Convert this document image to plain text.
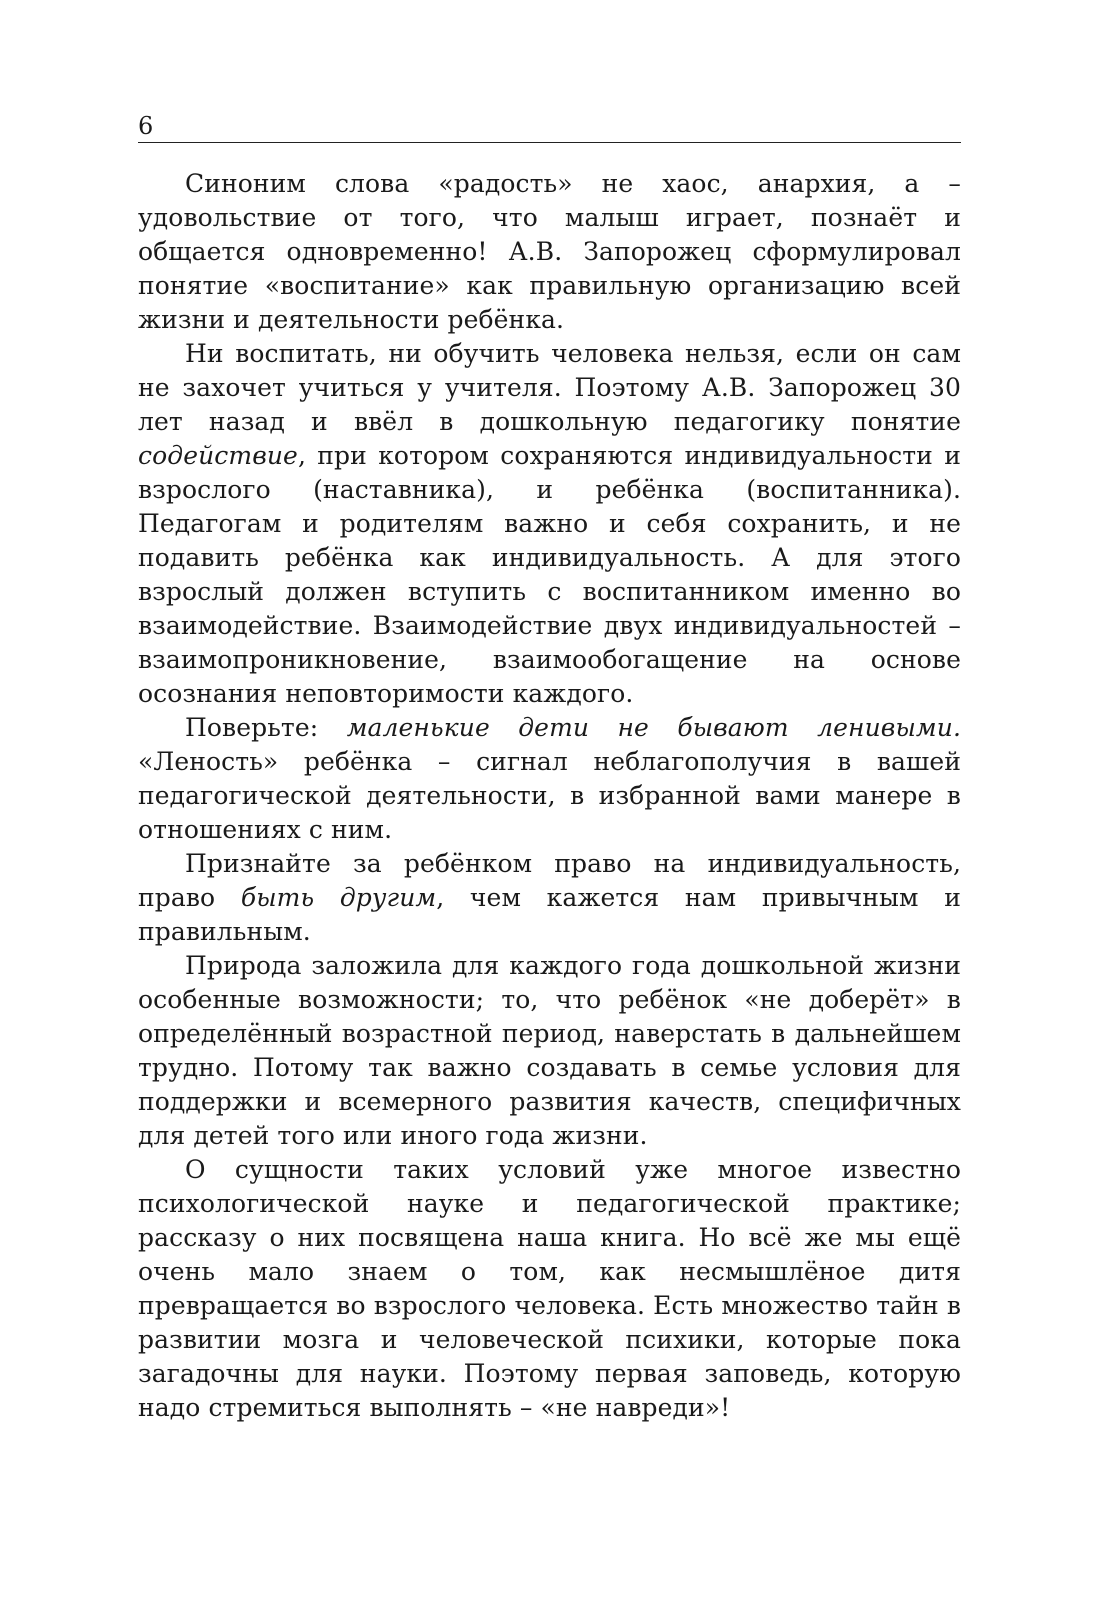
6

Синоним слова «радость» не хаос, анархия, а – удовольствие от того, что малыш играет, познаёт и общается одновременно! А.В. Запорожец сформулировал понятие «воспитание» как правильную организацию всей жизни и деятельности ребёнка.

Ни воспитать, ни обучить человека нельзя, если он сам не захочет учиться у учителя. Поэтому А.В. Запорожец 30 лет назад и ввёл в дошкольную педагогику понятие содействие, при котором сохраняются индивидуальности и взрослого (наставника), и ребёнка (воспитанника). Педагогам и родителям важно и себя сохранить, и не подавить ребёнка как индивидуальность. А для этого взрослый должен вступить с воспитанником именно во взаимодействие. Взаимодействие двух индивидуальностей – взаимопроникновение, взаимообогащение на основе осознания неповторимости каждого.

Поверьте: маленькие дети не бывают ленивыми. «Леность» ребёнка – сигнал неблагополучия в вашей педагогической деятельности, в избранной вами манере в отношениях с ним.

Признайте за ребёнком право на индивидуальность, право быть другим, чем кажется нам привычным и правильным.

Природа заложила для каждого года дошкольной жизни особенные возможности; то, что ребёнок «не доберёт» в определённый возрастной период, наверстать в дальнейшем трудно. Потому так важно создавать в семье условия для поддержки и всемерного развития качеств, специфичных для детей того или иного года жизни.

О сущности таких условий уже многое известно психологической науке и педагогической практике; рассказу о них посвящена наша книга. Но всё же мы ещё очень мало знаем о том, как несмышлёное дитя превращается во взрослого человека. Есть множество тайн в развитии мозга и человеческой психики, которые пока загадочны для науки. Поэтому первая заповедь, которую надо стремиться выполнять – «не навреди»!
